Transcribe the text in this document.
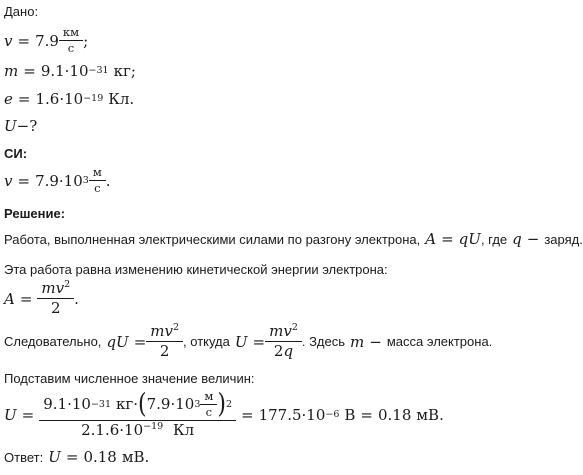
Дано:
$v = 7.9 \frac{км}{с}$ ;
m = 9.1·10 −31 кг;
e = 1.6·10 −19 Кл.
U −?
СИ:
v = 7.9·10 $3 \frac{м}{с}$ .
Решение:
Работа, выполненная электрическими силами по разгону электрона, A = q U , где q − заряд.
Эта работа равна изменению кинетической энергии электрона:
$A = \frac{mv^2}{2}$ .
Следовательно, q $U = \frac{mv^2}{2}$ , откуда $U = \frac{mv^2}{2q}$ . Здесь m − масса электрона.
Подставим численное значение величин:
U =
9.1·10 −31 кг· ( 7.9·10 $3 \frac{м}{с}$ ) 2
$2.1.6\cdot 10^{-19}$ Кл
= 177.5·10 −6 В = 0.18 мВ.
Ответ: U = 0.18 мВ.
